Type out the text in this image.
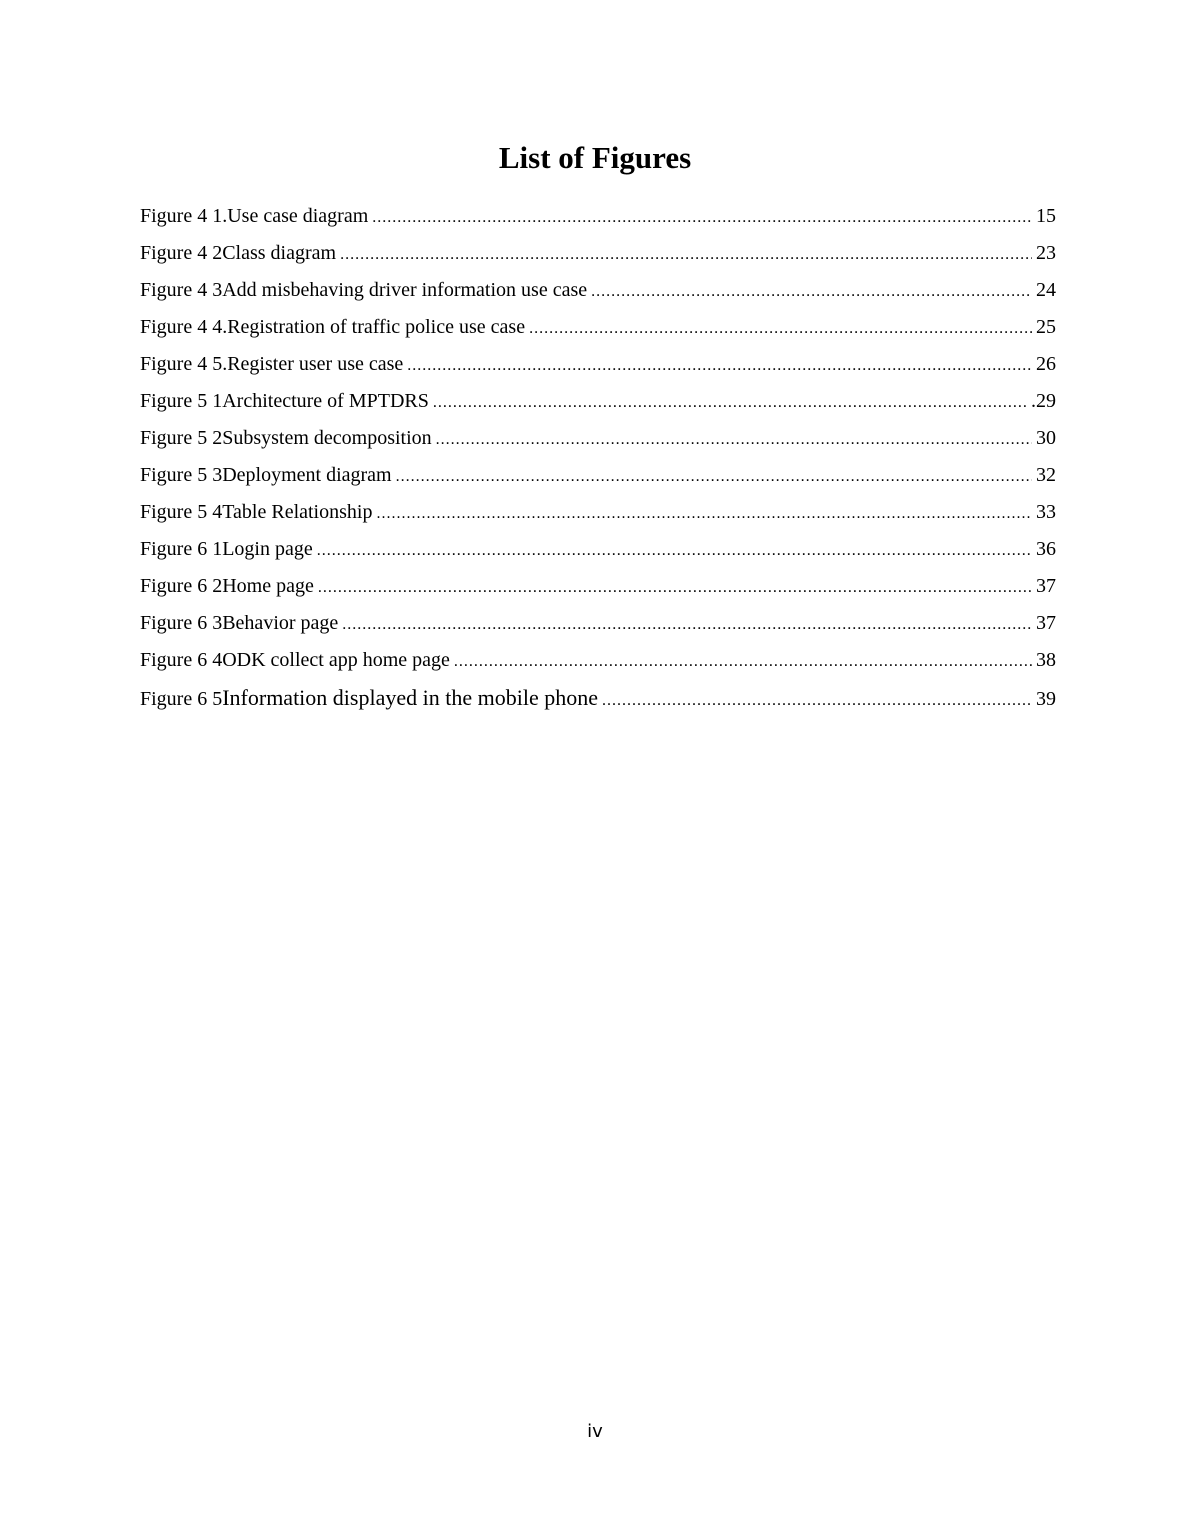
List of Figures
Figure 4 1. Use case diagram .....	15
Figure 4 2 Class diagram .....	23
Figure 4 3 Add misbehaving driver information use case .....	24
Figure 4 4. Registration of traffic police use case .....	25
Figure 4 5. Register user use case .....	26
Figure 5 1 Architecture of MPTDRS .....	.29
Figure 5 2 Subsystem decomposition .....	30
Figure 5 3 Deployment diagram .....	32
Figure 5 4 Table Relationship .....	33
Figure 6 1 Login page .....	36
Figure 6 2 Home page .....	37
Figure 6 3 Behavior page .....	37
Figure 6 4 ODK collect app home page .....	38
Figure 6 5 Information displayed in the mobile phone .....	39
iv
